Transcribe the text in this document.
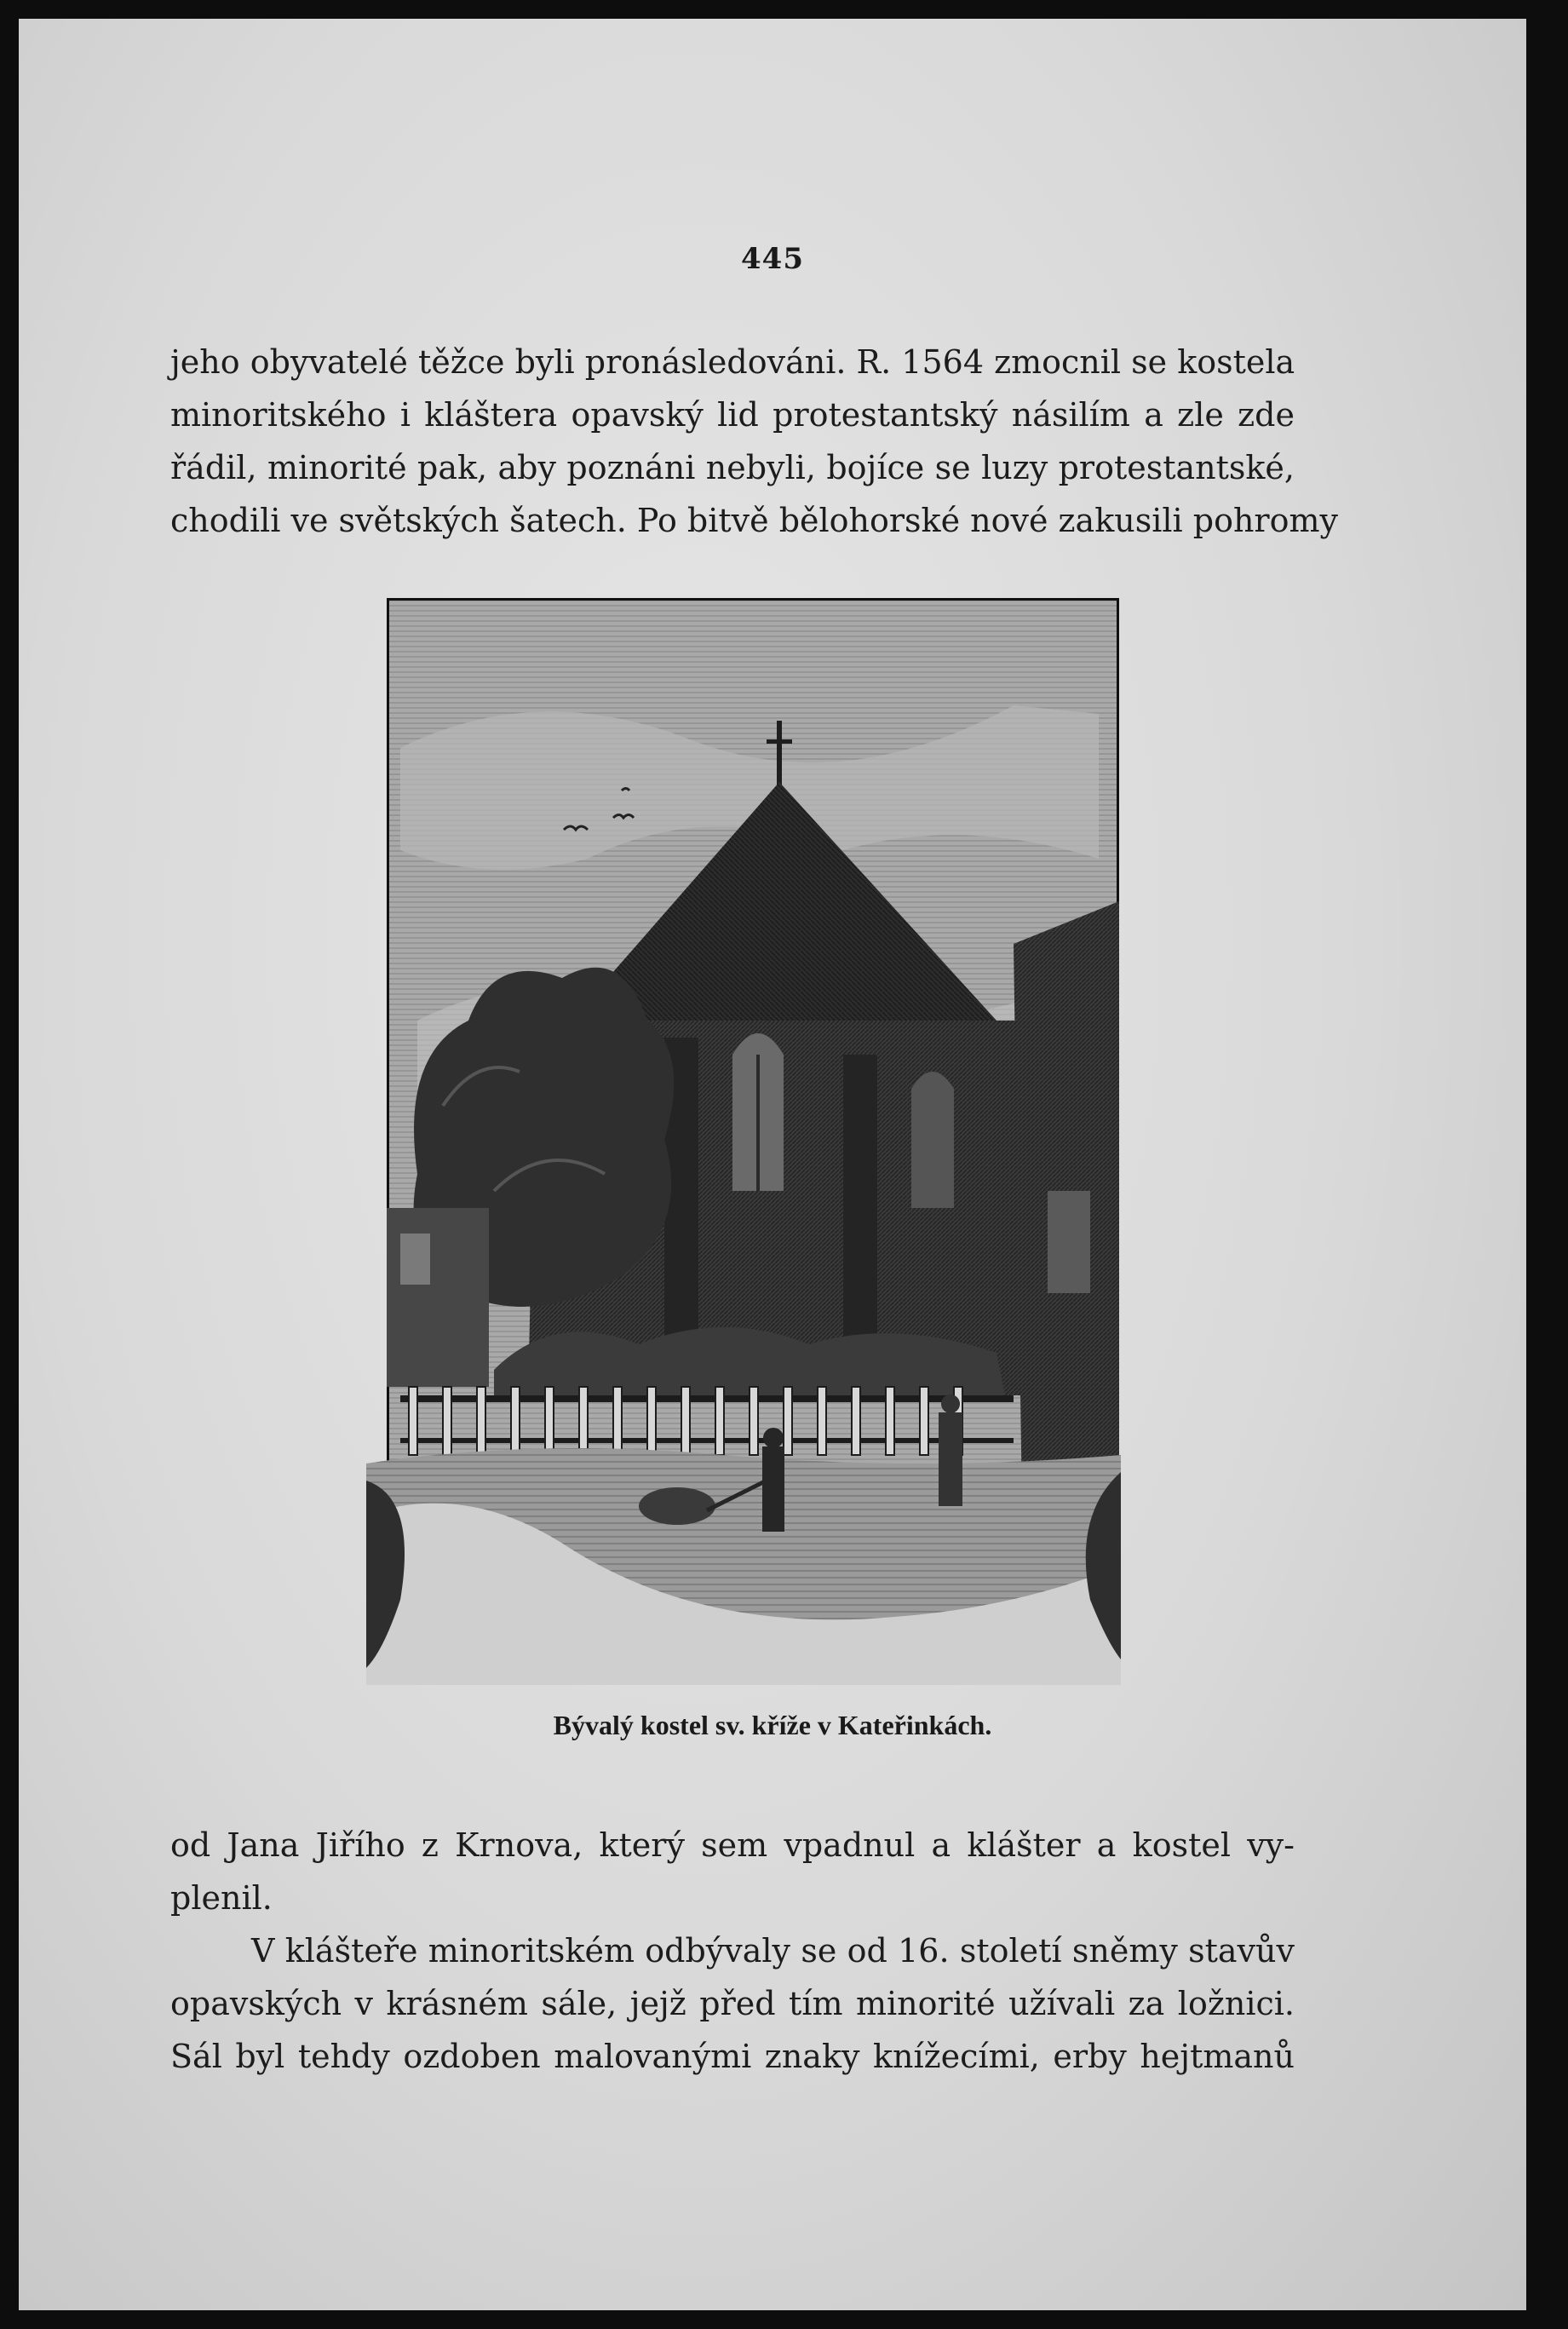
445
jeho obyvatelé těžce byli pronásledováni. R. 1564 zmocnil se kostela
minoritského i kláštera opavský lid protestantský násilím a zle zde
řádil, minorité pak, aby poznáni nebyli, bojíce se luzy protestantské,
chodili ve světských šatech. Po bitvě bělohorské nové zakusili pohromy
Bývalý kostel sv. kříže v Kateřinkách.
od Jana Jiřího z Krnova, který sem vpadnul a klášter a kostel vy-
plenil.
V klášteře minoritském odbývaly se od 16. století sněmy stavův
opavských v krásném sále, jejž před tím minorité užívali za ložnici.
Sál byl tehdy ozdoben malovanými znaky knížecími, erby hejtmanů
